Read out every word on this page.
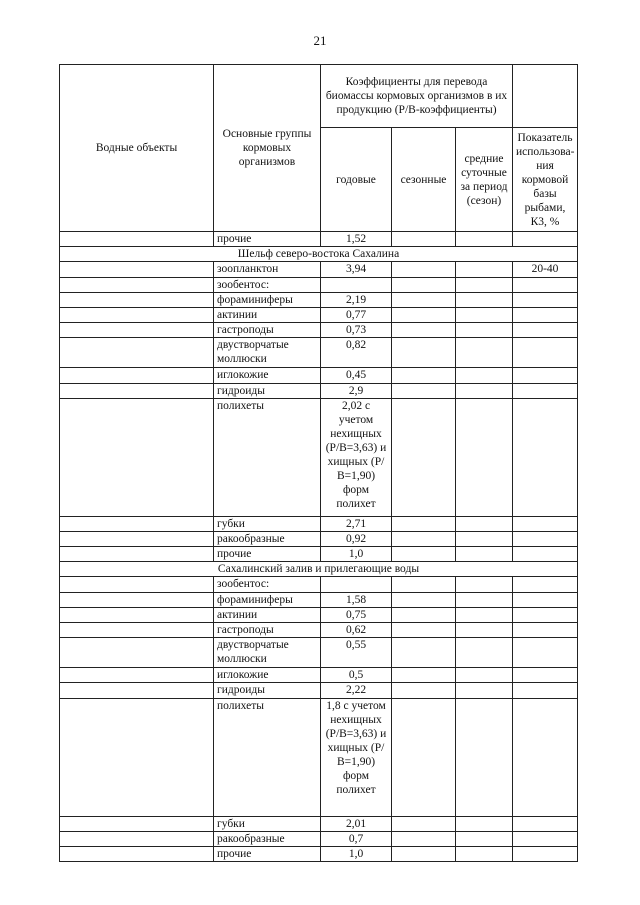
21
Водные объекты	Основные группы кормовых организмов	Коэффициенты для перевода биомассы кормовых организмов в их продукцию (Р/В-коэффициенты)			
		годовые	сезонные	средние суточные за период (сезон)	Показатель использова-ния кормовой базы рыбами, К3, %
	прочие	1,52			
Шельф северо-востока Сахалина					
	зоопланктон	3,94			20-40
	зообентос:				
	фораминиферы	2,19			
	актинии	0,77			
	гастроподы	0,73			
	двустворчатые моллюски	0,82			
	иглокожие	0,45			
	гидроиды	2,9			
	полихеты	2,02 с учетом нехищных (Р/В=3,63) и хищных (Р/В=1,90) форм полихет			
	губки	2,71			
	ракообразные	0,92			
	прочие	1,0			
Сахалинский залив и прилегающие воды					
	зообентос:				
	фораминиферы	1,58			
	актинии	0,75			
	гастроподы	0,62			
	двустворчатые моллюски	0,55			
	иглокожие	0,5			
	гидроиды	2,22			
	полихеты	1,8 с учетом нехищных (Р/В=3,63) и хищных (Р/В=1,90) форм полихет			
	губки	2,01			
	ракообразные	0,7			
	прочие	1,0			
